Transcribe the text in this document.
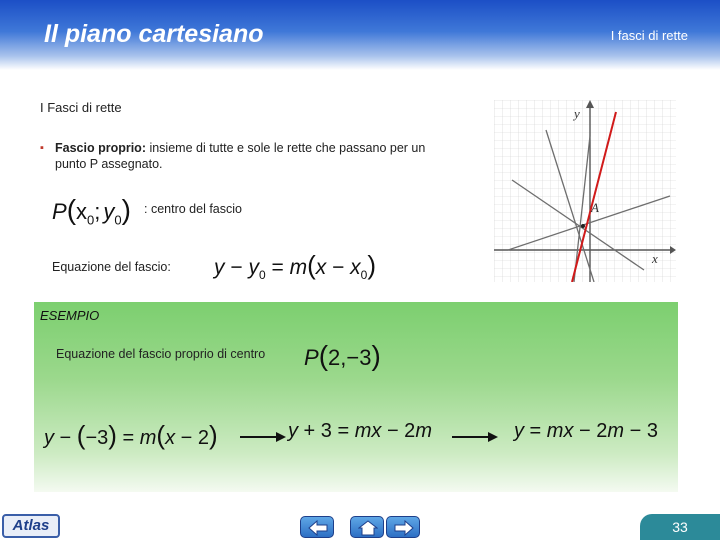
Il piano cartesiano	I fasci di rette
I Fasci di rette
▪ Fascio proprio: insieme di tutte e sole le rette che passano per un punto P assegnato.
$P(x_0$; $y_0$) : centro del fascio
Equazione del fascio: $y - y_0 = m(x - x_0)$
y
x
A
ESEMPIO
Equazione del fascio proprio di centro P(2,−3)
y − (−3) = m(x − 2)	y + 3 = mx − 2m	y = mx − 2m − 3
Atlas	33
